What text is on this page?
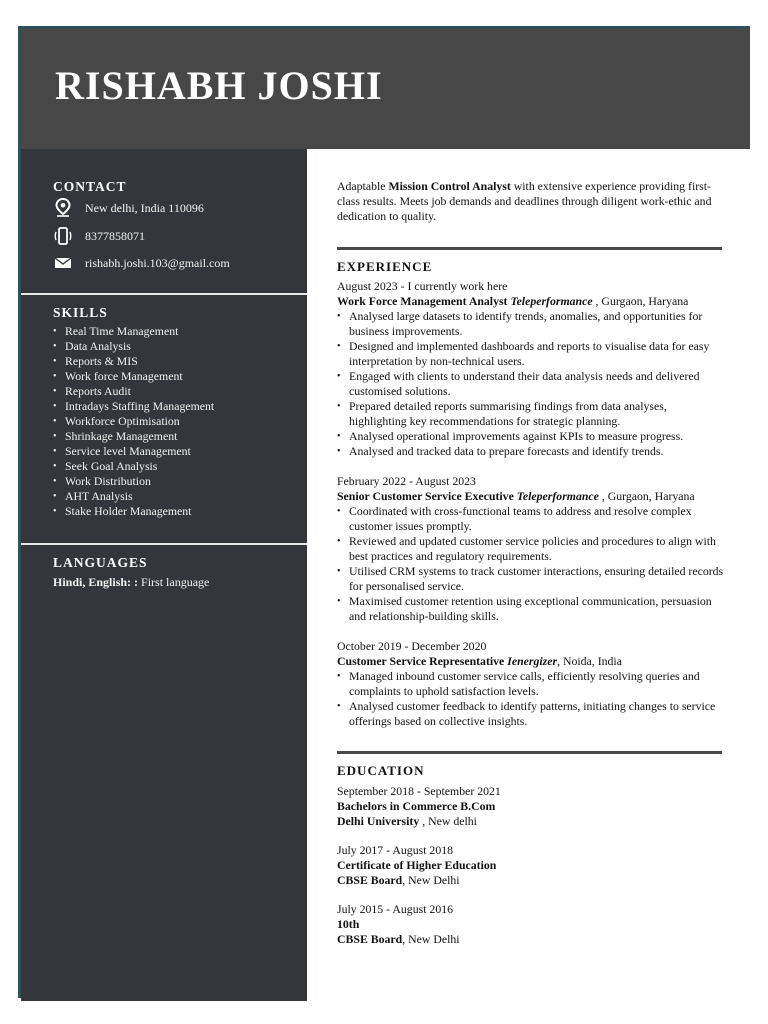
RISHABH JOSHI
CONTACT
New delhi, India 110096
8377858071
rishabh.joshi.103@gmail.com
SKILLS
• Real Time Management
• Data Analysis
• Reports & MIS
• Work force Management
• Reports Audit
• Intradays Staffing Management
• Workforce Optimisation
• Shrinkage Management
• Service level Management
• Seek Goal Analysis
• Work Distribution
• AHT Analysis
• Stake Holder Management
LANGUAGES
Hindi, English: : First language
Adaptable Mission Control Analyst with extensive experience providing first-class results. Meets job demands and deadlines through diligent work-ethic and dedication to quality.
EXPERIENCE
August 2023 - I currently work here
Work Force Management Analyst Teleperformance , Gurgaon, Haryana
• Analysed large datasets to identify trends, anomalies, and opportunities for business improvements.
• Designed and implemented dashboards and reports to visualise data for easy interpretation by non-technical users.
• Engaged with clients to understand their data analysis needs and delivered customised solutions.
• Prepared detailed reports summarising findings from data analyses, highlighting key recommendations for strategic planning.
• Analysed operational improvements against KPIs to measure progress.
• Analysed and tracked data to prepare forecasts and identify trends.
February 2022 - August 2023
Senior Customer Service Executive Teleperformance , Gurgaon, Haryana
• Coordinated with cross-functional teams to address and resolve complex customer issues promptly.
• Reviewed and updated customer service policies and procedures to align with best practices and regulatory requirements.
• Utilised CRM systems to track customer interactions, ensuring detailed records for personalised service.
• Maximised customer retention using exceptional communication, persuasion and relationship-building skills.
October 2019 - December 2020
Customer Service Representative Ienergizer, Noida, India
• Managed inbound customer service calls, efficiently resolving queries and complaints to uphold satisfaction levels.
• Analysed customer feedback to identify patterns, initiating changes to service offerings based on collective insights.
EDUCATION
September 2018 - September 2021
Bachelors in Commerce B.Com
Delhi University , New delhi
July 2017 - August 2018
Certificate of Higher Education
CBSE Board, New Delhi
July 2015 - August 2016
10th
CBSE Board, New Delhi
